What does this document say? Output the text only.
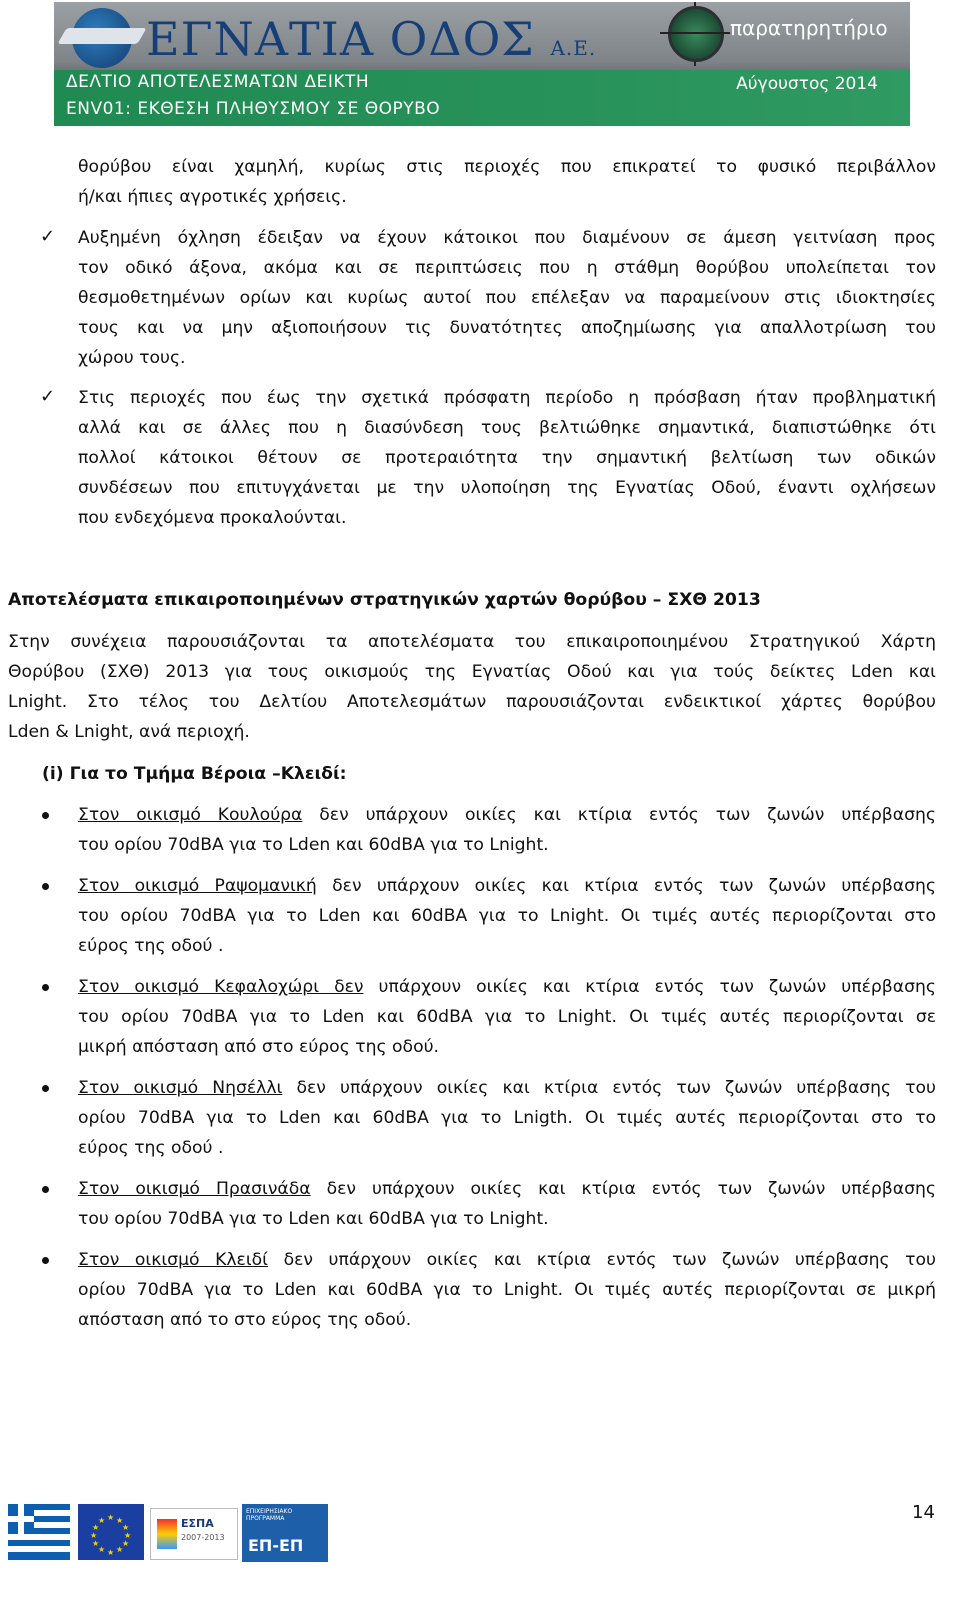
ΕΓΝΑΤΙΑ ΟΔΟΣ Α.Ε.
παρατηρητήριο
ΔΕΛΤΙΟ ΑΠΟΤΕΛΕΣΜΑΤΩΝ ΔΕΙΚΤΗ
ENV01: ΕΚΘΕΣΗ ΠΛΗΘΥΣΜΟΥ ΣΕ ΘΟΡΥΒΟ
Αύγουστος 2014
θορύβου είναι χαμηλή, κυρίως στις περιοχές που επικρατεί το φυσικό περιβάλλον
ή/και ήπιες αγροτικές χρήσεις.
✓ Αυξημένη όχληση έδειξαν να έχουν κάτοικοι που διαμένουν σε άμεση γειτνίαση προς
τον οδικό άξονα, ακόμα και σε περιπτώσεις που η στάθμη θορύβου υπολείπεται τον
θεσμοθετημένων ορίων και κυρίως αυτοί που επέλεξαν να παραμείνουν στις ιδιοκτησίες
τους και να μην αξιοποιήσουν τις δυνατότητες αποζημίωσης για απαλλοτρίωση του
χώρου τους.
✓ Στις περιοχές που έως την σχετικά πρόσφατη περίοδο η πρόσβαση ήταν προβληματική
αλλά και σε άλλες που η διασύνδεση τους βελτιώθηκε σημαντικά, διαπιστώθηκε ότι
πολλοί κάτοικοι θέτουν σε προτεραιότητα την σημαντική βελτίωση των οδικών
συνδέσεων που επιτυγχάνεται με την υλοποίηση της Εγνατίας Οδού, έναντι οχλήσεων
που ενδεχόμενα προκαλούνται.
Αποτελέσματα επικαιροποιημένων στρατηγικών χαρτών θορύβου – ΣΧΘ 2013
Στην συνέχεια παρουσιάζονται τα αποτελέσματα του επικαιροποιημένου Στρατηγικού Χάρτη
Θορύβου (ΣΧΘ) 2013 για τους οικισμούς της Εγνατίας Οδού και για τούς δείκτες Lden και
Lnight. Στο τέλος του Δελτίου Αποτελεσμάτων παρουσιάζονται ενδεικτικοί χάρτες θορύβου
Lden & Lnight, ανά περιοχή.
(i) Για το Τμήμα Βέροια –Κλειδί:
Στον οικισμό Κουλούρα δεν υπάρχουν οικίες και κτίρια εντός των ζωνών υπέρβασης
του ορίου 70dBA για το Lden και 60dBA για το Lnight.
Στον οικισμό Ραψομανική δεν υπάρχουν οικίες και κτίρια εντός των ζωνών υπέρβασης
του ορίου 70dBA για το Lden και 60dBA για το Lnight. Οι τιμές αυτές περιορίζονται στο
εύρος της οδού .
Στον οικισμό Κεφαλοχώρι δεν υπάρχουν οικίες και κτίρια εντός των ζωνών υπέρβασης
του ορίου 70dBA για το Lden και 60dBA για το Lnight. Οι τιμές αυτές περιορίζονται σε
μικρή απόσταση από στο εύρος της οδού.
Στον οικισμό Νησέλλι δεν υπάρχουν οικίες και κτίρια εντός των ζωνών υπέρβασης του
ορίου 70dBA για το Lden και 60dBA για το Lnigth. Οι τιμές αυτές περιορίζονται στο το
εύρος της οδού .
Στον οικισμό Πρασινάδα δεν υπάρχουν οικίες και κτίρια εντός των ζωνών υπέρβασης
του ορίου 70dBA για το Lden και 60dBA για το Lnight.
Στον οικισμό Κλειδί δεν υπάρχουν οικίες και κτίρια εντός των ζωνών υπέρβασης του
ορίου 70dBA για το Lden και 60dBA για το Lnight. Οι τιμές αυτές περιορίζονται σε μικρή
απόσταση από το στο εύρος της οδού.
★ ★
★
★
★
★
★
★
★
★
★
★	ΕΣΠΑ
2007-2013
ΕΠΙΧΕΙΡΗΣΙΑΚΟ ΠΡΟΓΡΑΜΜΑ
ΕΠ-ΕΠ
14
